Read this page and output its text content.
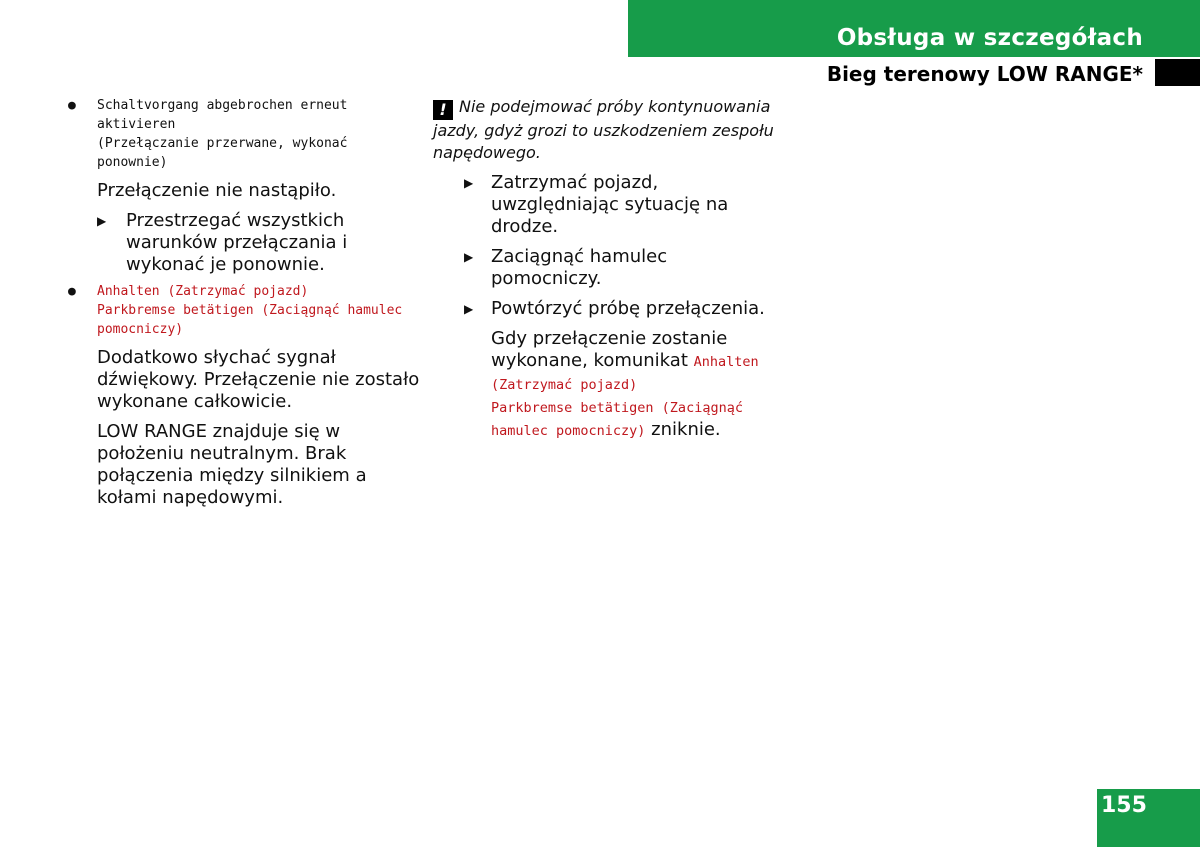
Obsługa w szczegółach
Bieg terenowy LOW RANGE*
● Schaltvorgang abgebrochen erneut aktivieren
(Przełączanie przerwane, wykonać ponownie)
Przełączenie nie nastąpiło.
▶ Przestrzegać wszystkich warunków przełączania i wykonać je ponownie.
● Anhalten (Zatrzymać pojazd)
Parkbremse betätigen (Zaciągnąć hamulec
pomocniczy)
Dodatkowo słychać sygnał dźwiękowy. Przełączenie nie zostało wykonane całkowicie.
LOW RANGE znajduje się w położeniu neutralnym. Brak połączenia między silnikiem a kołami napędowymi.
! Nie podejmować próby kontynuowania jazdy, gdyż grozi to uszkodzeniem zespołu napędowego.
▶ Zatrzymać pojazd, uwzględniając sytuację na drodze.
▶ Zaciągnąć hamulec pomocniczy.
▶ Powtórzyć próbę przełączenia.
Gdy przełączenie zostanie wykonane, komunikat Anhalten
(Zatrzymać pojazd)
Parkbremse betätigen (Zaciągnąć
hamulec pomocniczy) zniknie.
155
